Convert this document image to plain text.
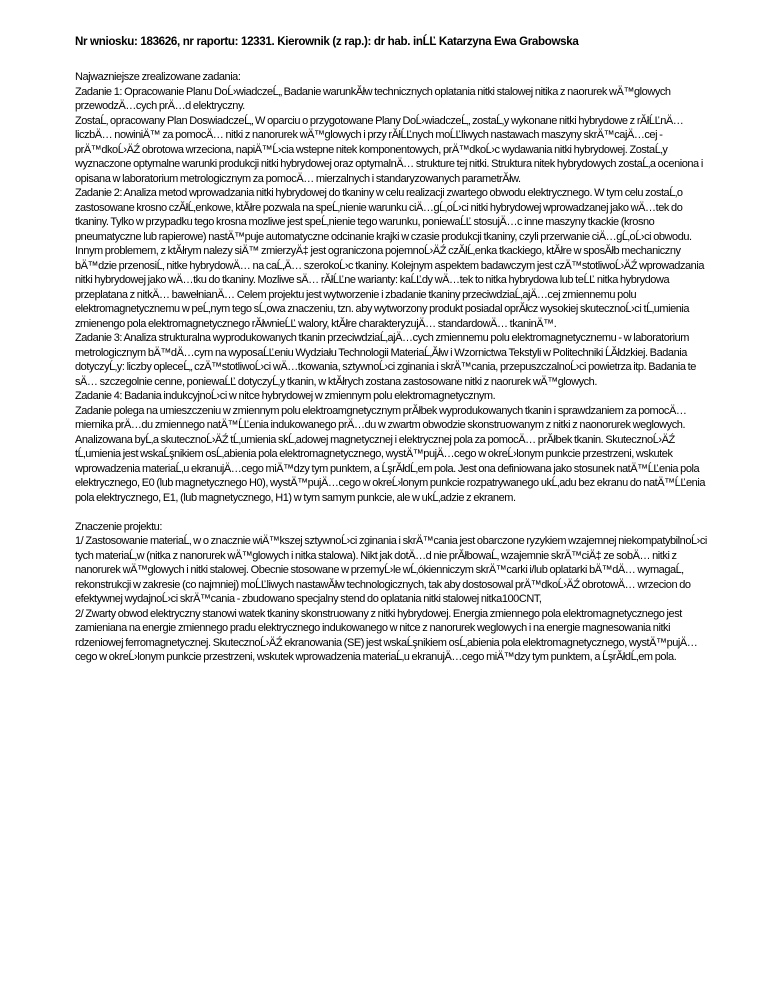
Nr wniosku: 183626, nr raportu: 12331. Kierownik (z rap.): dr hab. inĹĽ Katarzyna Ewa Grabowska

Najwazniejsze zrealizowane zadania:

Zadanie 1: Opracowanie Planu DoĹ›wiadczeĹ„ Badanie warunkĂłw technicznych oplatania nitki stalowej nitika z naorurek wÄ™glowych przewodzÄ…cych prÄ…d elektryczny.

ZostaĹ‚ opracowany Plan DoswiadczeĹ„ W oparciu o przygotowane Plany DoĹ›wiadczeĹ„ zostaĹ‚y wykonane nitki hybrydowe z rĂłĹĽnÄ… liczbÄ… nowiniÄ™ za pomocÄ… nitki z nanorurek wÄ™glowych i przy rĂłĹĽnych moĹĽliwych nastawach maszyny skrÄ™cajÄ…cej - prÄ™dkoĹ›ÄŹ obrotowa wrzeciona, napiÄ™Ĺ›cia wstepne nitek komponentowych, prÄ™dkoĹ›c wydawania nitki hybrydowej. ZostaĹ‚y wyznaczone optymalne warunki produkcji nitki hybrydowej oraz optymalnÄ… strukture tej nitki. Struktura nitek hybrydowych zostaĹ‚a oceniona i opisana w laboratorium metrologicznym za pomocÄ… mierzalnych i standaryzowanych parametrĂłw.

Zadanie 2: Analiza metod wprowadzania nitki hybrydowej do tkaniny w celu realizacji zwartego obwodu elektrycznego. W tym celu zostaĹ‚o zastosowane krosno czĂłĹ‚enkowe, ktĂłre pozwala na speĹ‚nienie warunku ciÄ…gĹ‚oĹ›ci nitki hybrydowej wprowadzanej jako wÄ…tek do tkaniny. Tylko w przypadku tego krosna mozliwe jest speĹ‚nienie tego warunku, poniewaĹĽ stosujÄ…c inne maszyny tkackie (krosno pneumatyczne lub rapierowe) nastÄ™puje automatyczne odcinanie krajki w czasie produkcji tkaniny, czyli przerwanie ciÄ…gĹ‚oĹ›ci obwodu. Innym problemem, z ktĂłrym nalezy siÄ™ zmierzyÄ‡ jest ograniczona pojemnoĹ›ÄŹ czĂłĹ‚enka tkackiego, ktĂłre w sposĂłb mechaniczny bÄ™dzie przenosiĹ‚ nitke hybrydowÄ… na caĹ‚Ä… szerokoĹ›c tkaniny. Kolejnym aspektem badawczym jest czÄ™stotliwoĹ›ÄŹ wprowadzania nitki hybrydowej jako wÄ…tku do tkaniny. Mozliwe sÄ… rĂłĹĽne warianty: kaĹĽdy wÄ…tek to nitka hybrydowa lub teĹĽ nitka hybrydowa przeplatana z nitkÄ… bawełnianÄ… Celem projektu jest wytworzenie i zbadanie tkaniny przeciwdziaĹ‚ajÄ…cej zmiennemu polu elektromagnetycznemu w peĹ‚nym tego sĹ‚owa znaczeniu, tzn. aby wytworzony produkt posiadal oprĂłcz wysokiej skutecznoĹ›ci tĹ‚umienia zmienengo pola elektromagnetycznego rĂłwnieĹĽ walory, ktĂłre charakteryzujÄ… standardowÄ… tkaninÄ™.

Zadanie 3: Analiza strukturalna wyprodukowanych tkanin przeciwdziaĹ‚ajÄ…cych zmiennemu polu elektromagnetycznemu - w laboratorium metrologicznym bÄ™dÄ…cym na wyposaĹĽeniu Wydziału Technologii MateriaĹ‚Ăłw i Wzornictwa Tekstyli w Politechniki ĹĂłdzkiej. Badania dotyczyĹ‚y: liczby opleceĹ„ czÄ™stotliwoĹ›ci wÄ…tkowania, sztywnoĹ›ci zginania i skrÄ™cania, przepuszczalnoĹ›ci powietrza itp. Badania te sÄ… szczegolnie cenne, poniewaĹĽ dotyczyĹ‚y tkanin, w ktĂłrych zostana zastosowane nitki z naorurek wÄ™glowych.

Zadanie 4: Badania indukcyjnoĹ›ci w nitce hybrydowej w zmiennym polu elektromagnetycznym.

Zadanie polega na umieszczeniu w zmiennym polu elektroamgnetycznym prĂłbek wyprodukowanych tkanin i sprawdzaniem za pomocÄ… miernika prÄ…du zmiennego natÄ™ĹĽenia indukowanego prÄ…du w zwartm obwodzie skonstruowanym z nitki z naonorurek weglowych.

Analizowana byĹ‚a skutecznoĹ›ÄŹ tĹ‚umienia skĹ‚adowej magnetycznej i elektrycznej pola za pomocÄ… prĂłbek tkanin. SkutecznoĹ›ÄŹ tĹ‚umienia jest wskaĹşnikiem osĹ‚abienia pola elektromagnetycznego, wystÄ™pujÄ…cego w okreĹ›lonym punkcie przestrzeni, wskutek wprowadzenia materiaĹ‚u ekranujÄ…cego miÄ™dzy tym punktem, a ĹşrĂłdĹ‚em pola. Jest ona definiowana jako stosunek natÄ™ĹĽenia pola elektrycznego, E0 (lub magnetycznego H0), wystÄ™pujÄ…cego w okreĹ›lonym punkcie rozpatrywanego ukĹ‚adu bez ekranu do natÄ™ĹĽenia pola elektrycznego, E1, (lub magnetycznego, H1) w tym samym punkcie, ale w ukĹ‚adzie z ekranem.

Znaczenie projektu:

1/ Zastosowanie materiaĹ‚ w o znacznie wiÄ™kszej sztywnoĹ›ci zginania i skrÄ™cania jest obarczone ryzykiem wzajemnej niekompatybilnoĹ›ci tych materiaĹ‚w (nitka z nanorurek wÄ™glowych i nitka stalowa). Nikt jak dotÄ…d nie prĂłbowaĹ‚ wzajemnie skrÄ™ciÄ‡ ze sobÄ… nitki z nanorurek wÄ™glowych i nitki stalowej. Obecnie stosowane w przemyĹ›le wĹ‚ókienniczym skrÄ™carki i/lub oplatarki bÄ™dÄ… wymagaĹ‚ rekonstrukcji w zakresie (co najmniej) moĹĽliwych nastawĂłw technologicznych, tak aby dostosowal prÄ™dkoĹ›ÄŹ obrotowÄ… wrzecion do efektywnej wydajnoĹ›ci skrÄ™cania - zbudowano specjalny stend do oplatania nitki stalowej nitka100CNT,

2/ Zwarty obwod elektryczny stanowi watek tkaniny skonstruowany z nitki hybrydowej. Energia zmiennego pola elektromagnetycznego jest zamieniana na energie zmiennego pradu elektrycznego indukowanego w nitce z nanorurek weglowych i na energie magnesowania nitki rdzeniowej ferromagnetycznej. SkutecznoĹ›ÄŹ ekranowania (SE) jest wskaĹşnikiem osĹ‚abienia pola elektromagnetycznego, wystÄ™pujÄ…cego w okreĹ›lonym punkcie przestrzeni, wskutek wprowadzenia materiaĹ‚u ekranujÄ…cego miÄ™dzy tym punktem, a ĹşrĂłdĹ‚em pola.
